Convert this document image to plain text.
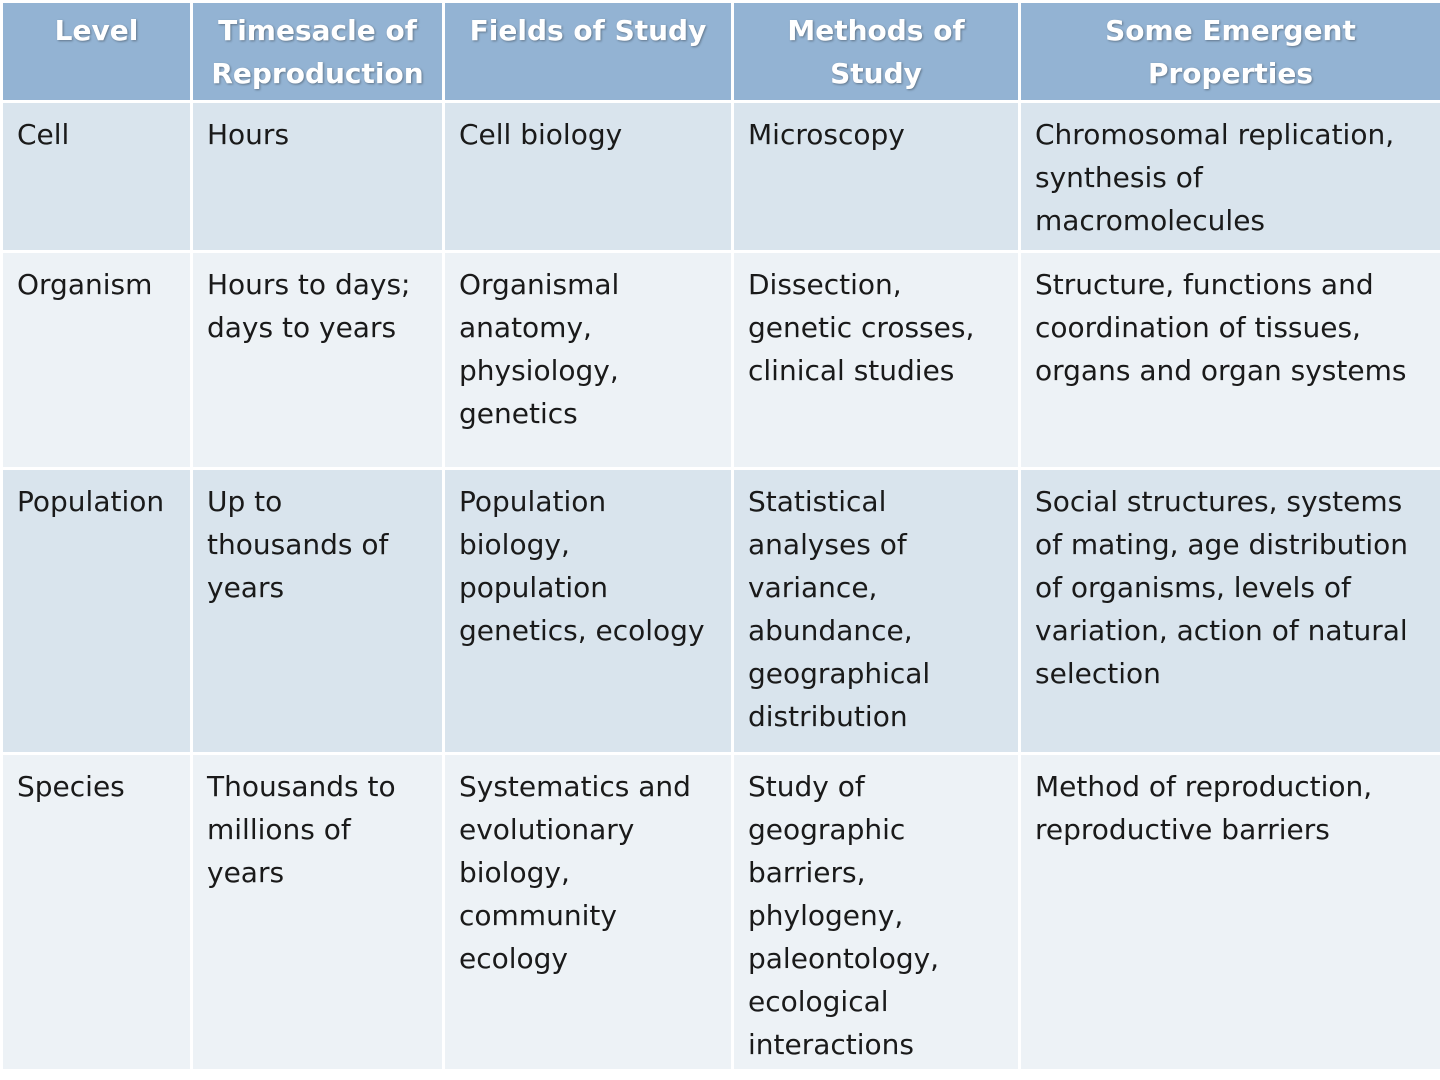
Level	Timesacle of Reproduction	Fields of Study	Methods of Study	Some Emergent Properties
Cell	Hours	Cell biology	Microscopy	Chromosomal replication, synthesis of macromolecules
Organism	Hours to days; days to years	Organismal anatomy, physiology, genetics	Dissection, genetic crosses, clinical studies	Structure, functions and coordination of tissues, organs and organ systems
Population	Up to thousands of years	Population biology, population genetics, ecology	Statistical analyses of variance, abundance, geographical distribution	Social structures, systems of mating, age distribution of organisms, levels of variation, action of natural selection
Species	Thousands to millions of years	Systematics and evolutionary biology, community ecology	Study of geographic barriers, phylogeny, paleontology, ecological interactions	Method of reproduction, reproductive barriers
